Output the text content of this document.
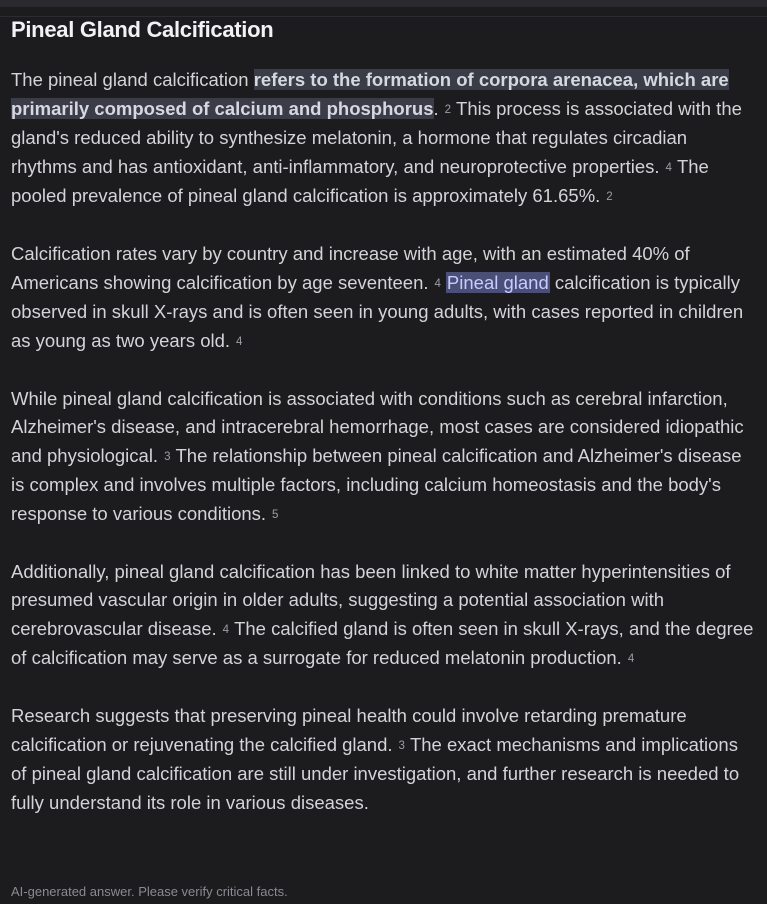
Pineal Gland Calcification

The pineal gland calcification refers to the formation of corpora arenacea, which are primarily composed of calcium and phosphorus. 2 This process is associated with the gland's reduced ability to synthesize melatonin, a hormone that regulates circadian rhythms and has antioxidant, anti-inflammatory, and neuroprotective properties. 4 The pooled prevalence of pineal gland calcification is approximately 61.65%. 2

Calcification rates vary by country and increase with age, with an estimated 40% of Americans showing calcification by age seventeen. 4 Pineal gland calcification is typically observed in skull X-rays and is often seen in young adults, with cases reported in children as young as two years old. 4

While pineal gland calcification is associated with conditions such as cerebral infarction, Alzheimer's disease, and intracerebral hemorrhage, most cases are considered idiopathic and physiological. 3 The relationship between pineal calcification and Alzheimer's disease is complex and involves multiple factors, including calcium homeostasis and the body's response to various conditions. 5

Additionally, pineal gland calcification has been linked to white matter hyperintensities of presumed vascular origin in older adults, suggesting a potential association with cerebrovascular disease. 4 The calcified gland is often seen in skull X-rays, and the degree of calcification may serve as a surrogate for reduced melatonin production. 4

Research suggests that preserving pineal health could involve retarding premature calcification or rejuvenating the calcified gland. 3 The exact mechanisms and implications of pineal gland calcification are still under investigation, and further research is needed to fully understand its role in various diseases.

AI-generated answer. Please verify critical facts.
